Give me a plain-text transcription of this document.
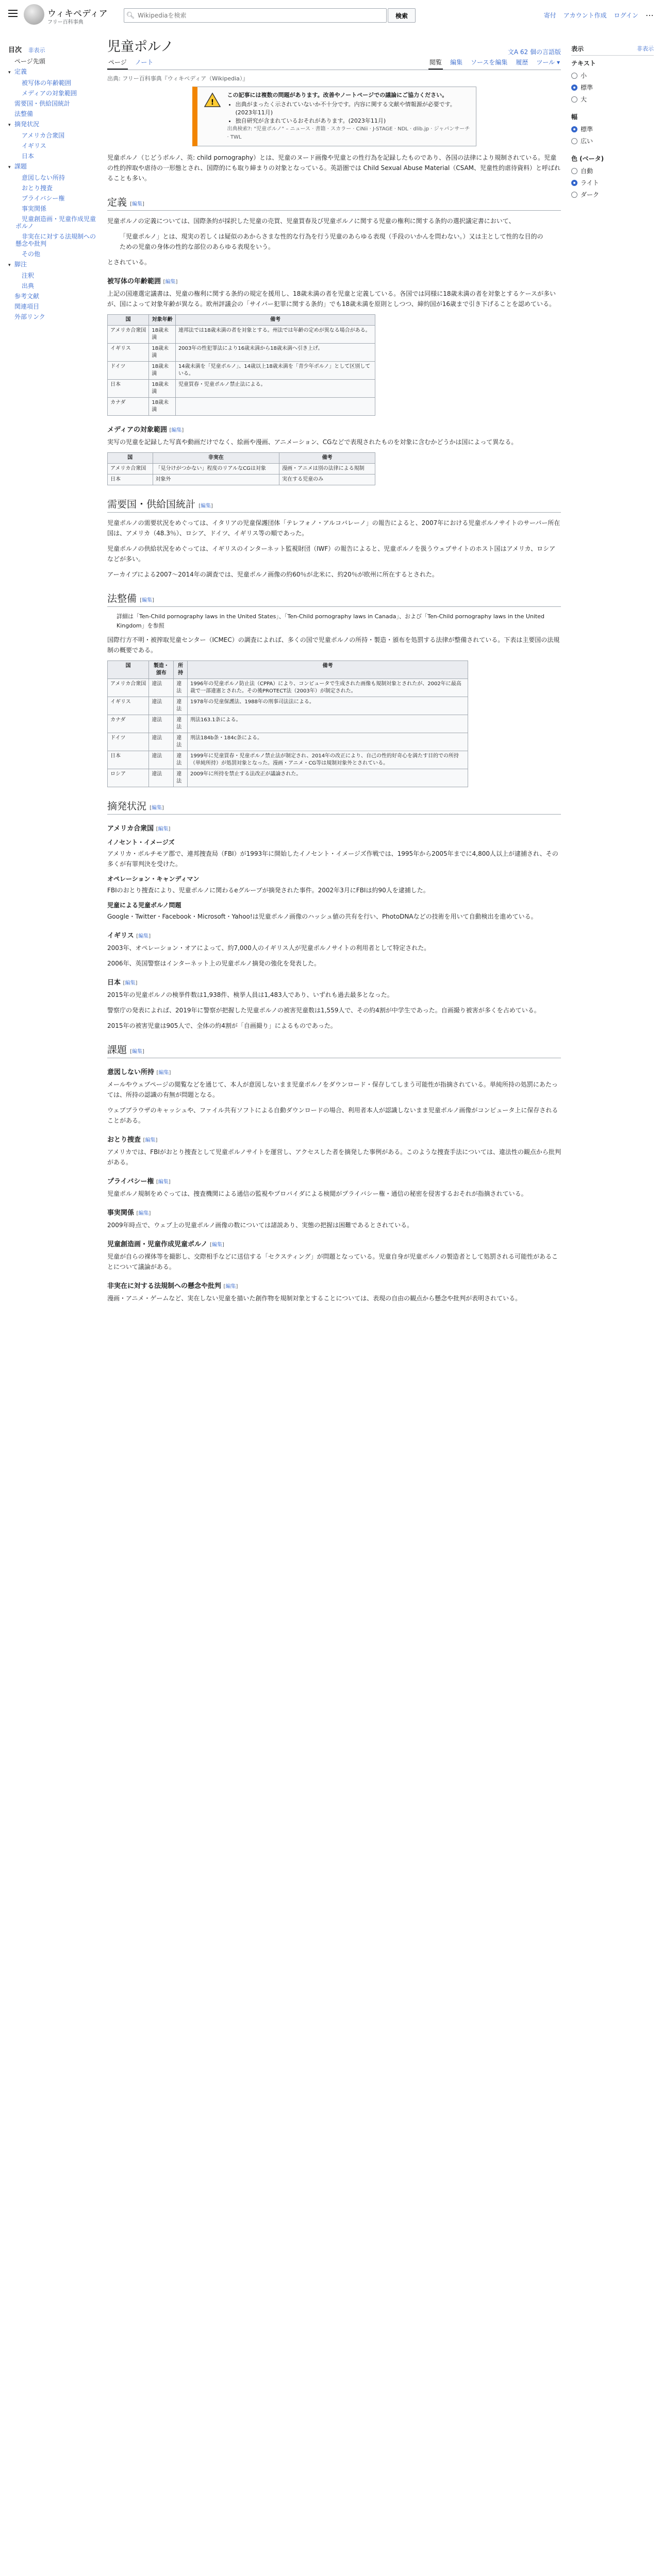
ウィキペディア
フリー百科事典
🔍︎
Wikipediaを検索	検索	寄付 アカウント作成 ログイン ⋯
目次 非表示
ページ先頭
▾ 定義
被写体の年齢範囲
メディアの対象範囲
需要国・供給国統計
法整備
▾ 摘発状況
アメリカ合衆国
イギリス
日本
▾ 課題
意図しない所持
おとり捜査
プライバシー権
事実関係
児童創造画・児童作成児童ポルノ
非実在に対する法規制への懸念や批判
その他
▾ 脚注
注釈
出典
参考文献
関連項目
外部リンク
表示	非表示
テキスト
小
標準
大
幅
標準
広い
色 (ベータ)
自動
ライト
ダーク
児童ポルノ	文A 62 個の言語版
ページ ノート	閲覧 編集 ソースを編集 履歴 ツール ▾
出典: フリー百科事典『ウィキペディア（Wikipedia）』
!
この記事には複数の問題があります。改善やノートページでの議論にご協力ください。
• 出典がまったく示されていないか不十分です。内容に関する文献や情報源が必要です。(2023年11月)
• 独自研究が含まれているおそれがあります。(2023年11月)
出典検索?: "児童ポルノ" – ニュース · 書籍 · スカラー · CiNii · J-STAGE · NDL · dlib.jp · ジャパンサーチ · TWL

児童ポルノ（じどうポルノ、英: child pornography）とは、児童のヌード画像や児童との性行為を記録したものであり、各国の法律により規制されている。児童の性的搾取や虐待の一形態とされ、国際的にも取り締まりの対象となっている。英語圏では Child Sexual Abuse Material（CSAM、児童性的虐待資料）と呼ばれることも多い。

定義 [編集]

児童ポルノの定義については、国際条約が採択した児童の売買、児童買春及び児童ポルノに関する児童の権利に関する条約の選択議定書において、

「児童ポルノ」とは、現実の若しくは疑似のあからさまな性的な行為を行う児童のあらゆる表現（手段のいかんを問わない。）又は主として性的な目的のための児童の身体の性的な部位のあらゆる表現をいう。

とされている。

被写体の年齢範囲 [編集]

上記の国連選定議書は、児童の権利に関する条約の規定を援用し、18歳未満の者を児童と定義している。各国では同様に18歳未満の者を対象とするケースが多いが、国によって対象年齢が異なる。欧州評議会の「サイバー犯罪に関する条約」でも18歳未満を原則としつつ、締約国が16歳まで引き下げることを認めている。

国	対象年齢	備考
アメリカ合衆国	18歳未満	連邦法では18歳未満の者を対象とする。州法では年齢の定めが異なる場合がある。
イギリス	18歳未満	2003年の性犯罪法により16歳未満から18歳未満へ引き上げ。
ドイツ	18歳未満	14歳未満を「児童ポルノ」、14歳以上18歳未満を「青少年ポルノ」として区別している。
日本	18歳未満	児童買春・児童ポルノ禁止法による。
カナダ	18歳未満	
メディアの対象範囲 [編集]

実写の児童を記録した写真や動画だけでなく、絵画や漫画、アニメーション、CGなどで表現されたものを対象に含むかどうかは国によって異なる。

国	非実在	備考
アメリカ合衆国	「見分けがつかない」程度のリアルなCGは対象	漫画・アニメは別の法律による規制
日本	対象外	実在する児童のみ
需要国・供給国統計 [編集]

児童ポルノの需要状況をめぐっては、イタリアの児童保護団体「テレフォノ・アルコバレーノ」の報告によると、2007年における児童ポルノサイトのサーバー所在国は、アメリカ（48.3％）、ロシア、ドイツ、イギリス等の順であった。

児童ポルノの供給状況をめぐっては、イギリスのインターネット監視財団（IWF）の報告によると、児童ポルノを扱うウェブサイトのホスト国はアメリカ、ロシアなどが多い。

アーカイブによる2007～2014年の調査では、児童ポルノ画像の約60％が北米に、約20％が欧州に所在するとされた。

法整備 [編集]
詳細は「Ten-Child pornography laws in the United States」、「Ten-Child pornography laws in Canada」、および「Ten-Child pornography laws in the United Kingdom」を参照

国際行方不明・被搾取児童センター（ICMEC）の調査によれば、多くの国で児童ポルノの所持・製造・頒布を処罰する法律が整備されている。下表は主要国の法規制の概要である。

国	製造・頒布	所持	備考
アメリカ合衆国	違法	違法	1996年の児童ポルノ防止法（CPPA）により、コンピュータで生成された画像も規制対象とされたが、2002年に最高裁で一部違憲とされた。その後PROTECT法（2003年）が制定された。
イギリス	違法	違法	1978年の児童保護法、1988年の刑事司法法による。
カナダ	違法	違法	刑法163.1条による。
ドイツ	違法	違法	刑法184b条・184c条による。
日本	違法	違法	1999年に児童買春・児童ポルノ禁止法が制定され、2014年の改正により、自己の性的好奇心を満たす目的での所持（単純所持）が処罰対象となった。漫画・アニメ・CG等は規制対象外とされている。
ロシア	違法	違法	2009年に所持を禁止する法改正が議論された。
摘発状況 [編集]
アメリカ合衆国 [編集]
イノセント・イメージズ

アメリカ・ボルチモア郡で、連邦捜査局（FBI）が1993年に開始したイノセント・イメージズ作戦では、1995年から2005年までに4,800人以上が逮捕され、その多くが有罪判決を受けた。

オペレーション・キャンディマン

FBIのおとり捜査により、児童ポルノに関わるeグループが摘発された事件。2002年3月にFBIは約90人を逮捕した。

児童による児童ポルノ問題

Google・Twitter・Facebook・Microsoft・Yahoo!は児童ポルノ画像のハッシュ値の共有を行い、PhotoDNAなどの技術を用いて自動検出を進めている。

イギリス [編集]

2003年、オペレーション・オアによって、約7,000人のイギリス人が児童ポルノサイトの利用者として特定された。

2006年、英国警察はインターネット上の児童ポルノ摘発の強化を発表した。

日本 [編集]

2015年の児童ポルノの検挙件数は1,938件、検挙人員は1,483人であり、いずれも過去最多となった。

警察庁の発表によれば、2019年に警察が把握した児童ポルノの被害児童数は1,559人で、その約4割が中学生であった。自画撮り被害が多くを占めている。

2015年の被害児童は905人で、全体の約4割が「自画撮り」によるものであった。

課題 [編集]
意図しない所持 [編集]

メールやウェブページの閲覧などを通じて、本人が意図しないまま児童ポルノをダウンロード・保存してしまう可能性が指摘されている。単純所持の処罰にあたっては、所持の認識の有無が問題となる。

ウェブブラウザのキャッシュや、ファイル共有ソフトによる自動ダウンロードの場合、利用者本人が認識しないまま児童ポルノ画像がコンピュータ上に保存されることがある。

おとり捜査 [編集]

アメリカでは、FBIがおとり捜査として児童ポルノサイトを運営し、アクセスした者を摘発した事例がある。このような捜査手法については、違法性の観点から批判がある。

プライバシー権 [編集]

児童ポルノ規制をめぐっては、捜査機関による通信の監視やプロバイダによる検閲がプライバシー権・通信の秘密を侵害するおそれが指摘されている。

事実関係 [編集]

2009年時点で、ウェブ上の児童ポルノ画像の数については諸説あり、実態の把握は困難であるとされている。

児童創造画・児童作成児童ポルノ [編集]

児童が自らの裸体等を撮影し、交際相手などに送信する「セクスティング」が問題となっている。児童自身が児童ポルノの製造者として処罰される可能性があることについて議論がある。

非実在に対する法規制への懸念や批判 [編集]

漫画・アニメ・ゲームなど、実在しない児童を描いた創作物を規制対象とすることについては、表現の自由の観点から懸念や批判が表明されている。
